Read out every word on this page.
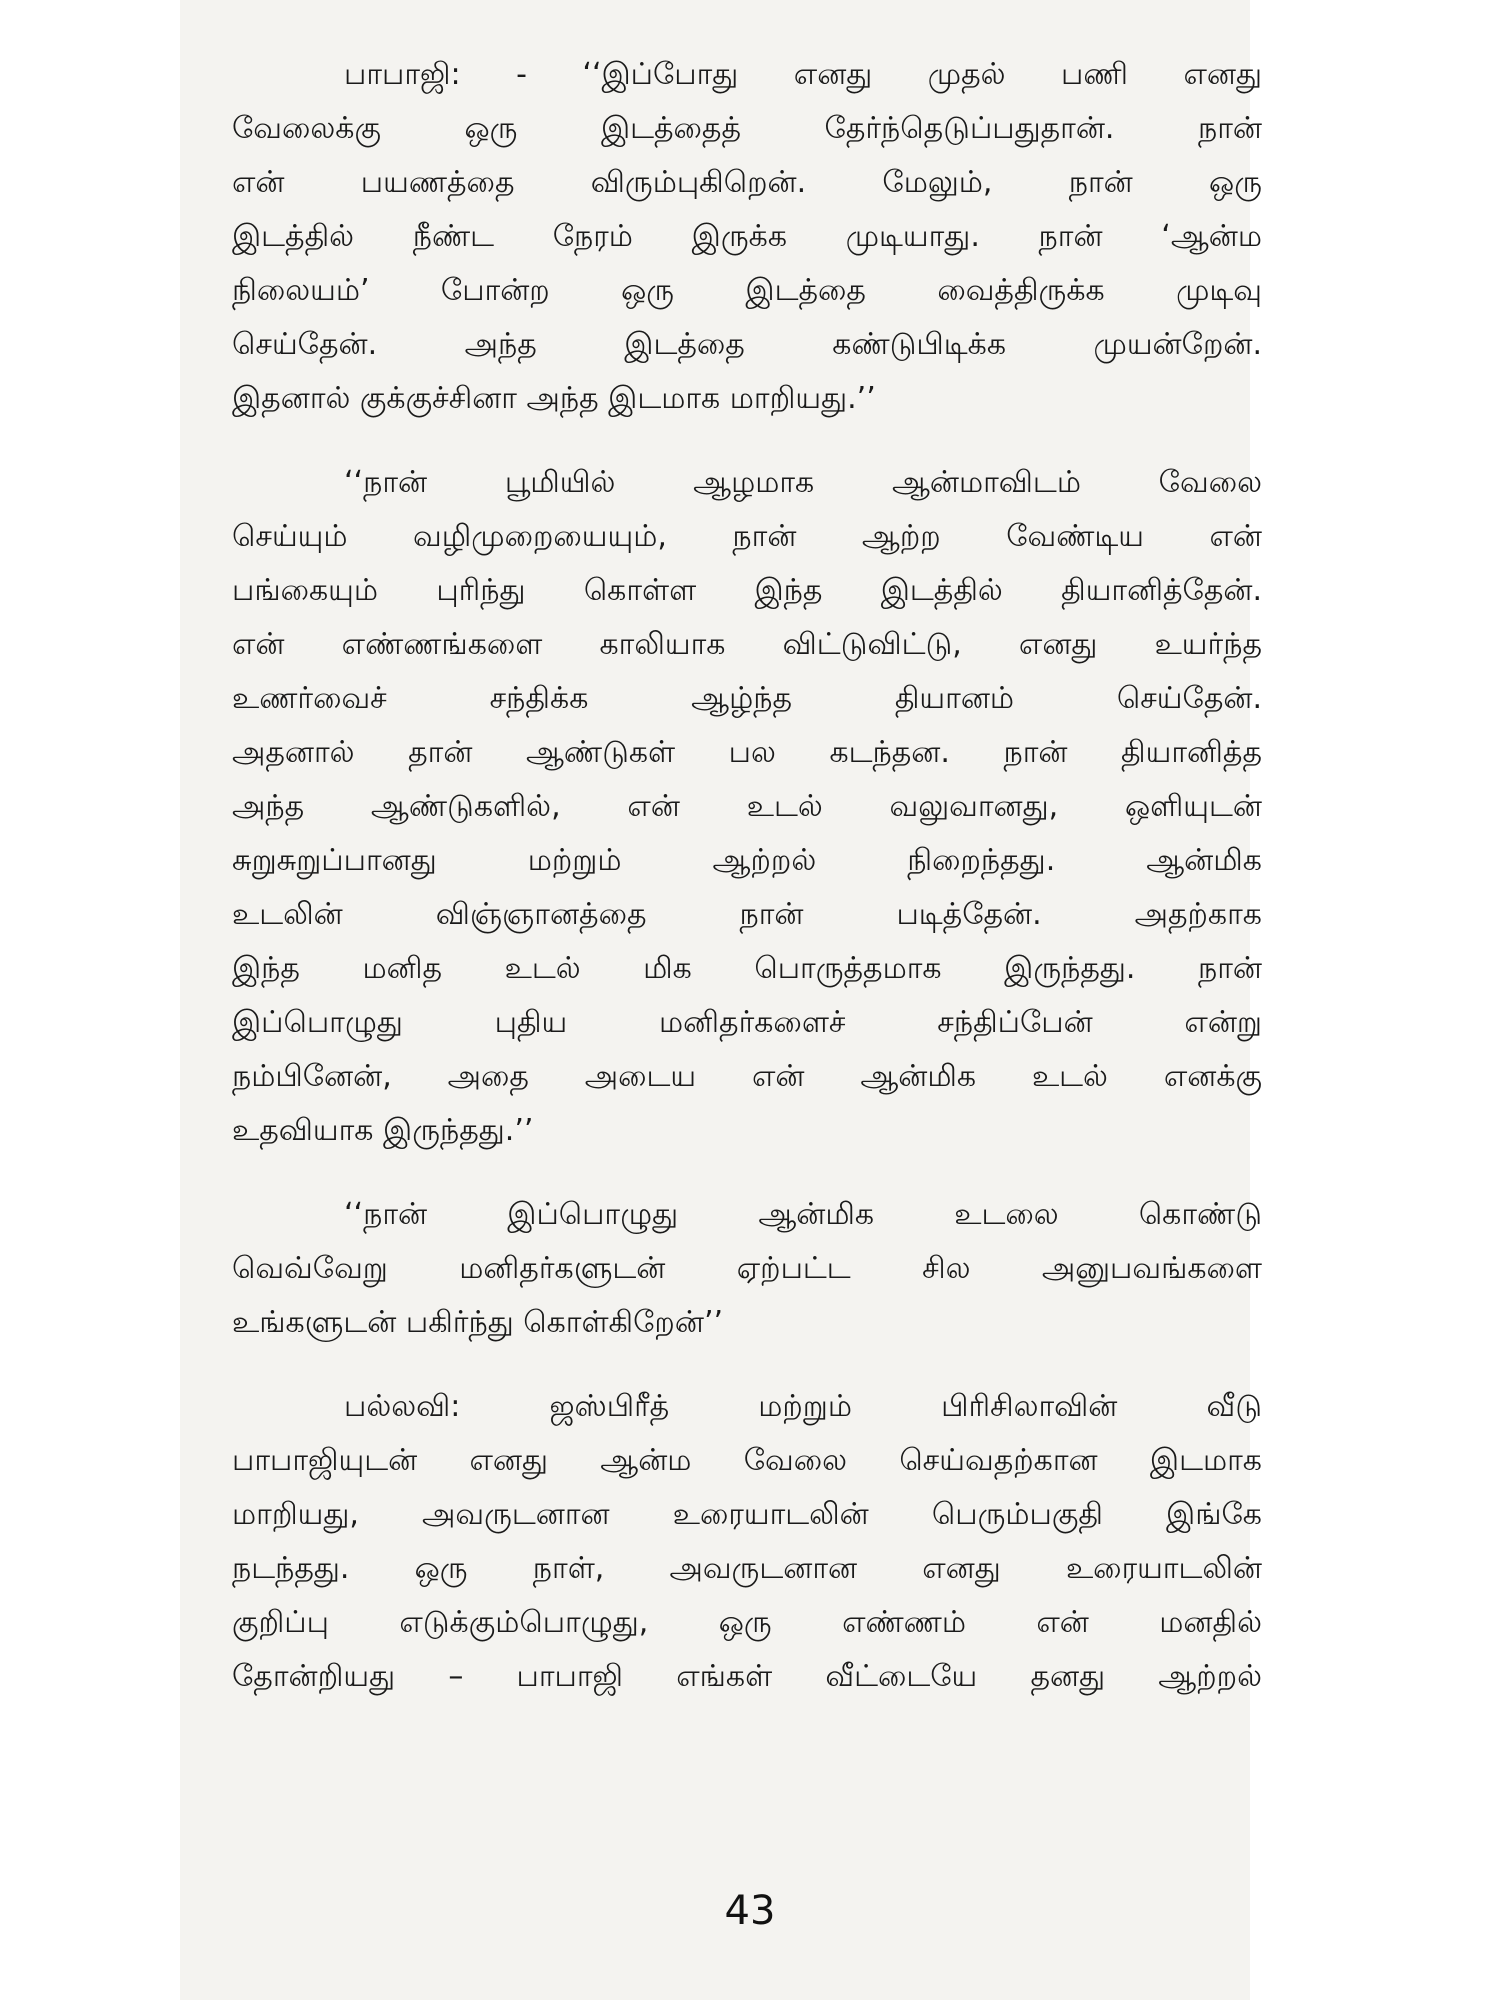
பாபாஜி: - ‘‘இப்போது எனது முதல் பணி எனது
வேலைக்கு ஒரு இடத்தைத் தேர்ந்தெடுப்பதுதான். நான்
என் பயணத்தை விரும்புகிறென். மேலும், நான் ஒரு
இடத்தில் நீண்ட நேரம் இருக்க முடியாது. நான் ‘ஆன்ம
நிலையம்’ போன்ற ஒரு இடத்தை வைத்திருக்க முடிவு
செய்தேன். அந்த இடத்தை கண்டுபிடிக்க முயன்றேன்.
இதனால் குக்குச்சினா அந்த இடமாக மாறியது.’’

‘‘நான் பூமியில் ஆழமாக ஆன்மாவிடம் வேலை
செய்யும் வழிமுறையையும், நான் ஆற்ற வேண்டிய என்
பங்கையும் புரிந்து கொள்ள இந்த இடத்தில் தியானித்தேன்.
என் எண்ணங்களை காலியாக விட்டுவிட்டு, எனது உயர்ந்த
உணர்வைச் சந்திக்க ஆழ்ந்த தியானம் செய்தேன்.
அதனால் தான் ஆண்டுகள் பல கடந்தன. நான் தியானித்த
அந்த ஆண்டுகளில், என் உடல் வலுவானது, ஒளியுடன்
சுறுசுறுப்பானது மற்றும் ஆற்றல் நிறைந்தது. ஆன்மிக
உடலின் விஞ்ஞானத்தை நான் படித்தேன். அதற்காக
இந்த மனித உடல் மிக பொருத்தமாக இருந்தது. நான்
இப்பொழுது புதிய மனிதர்களைச் சந்திப்பேன் என்று
நம்பினேன், அதை அடைய என் ஆன்மிக உடல் எனக்கு
உதவியாக இருந்தது.’’

‘‘நான் இப்பொழுது ஆன்மிக உடலை கொண்டு
வெவ்வேறு மனிதர்களுடன் ஏற்பட்ட சில அனுபவங்களை
உங்களுடன் பகிர்ந்து கொள்கிறேன்’’

பல்லவி: ஜஸ்பிரீத் மற்றும் பிரிசிலாவின் வீடு
பாபாஜியுடன் எனது ஆன்ம வேலை செய்வதற்கான இடமாக
மாறியது, அவருடனான உரையாடலின் பெரும்பகுதி இங்கே
நடந்தது. ஒரு நாள், அவருடனான எனது உரையாடலின்
குறிப்பு எடுக்கும்பொழுது, ஒரு எண்ணம் என் மனதில்
தோன்றியது – பாபாஜி எங்கள் வீட்டையே தனது ஆற்றல்

43
